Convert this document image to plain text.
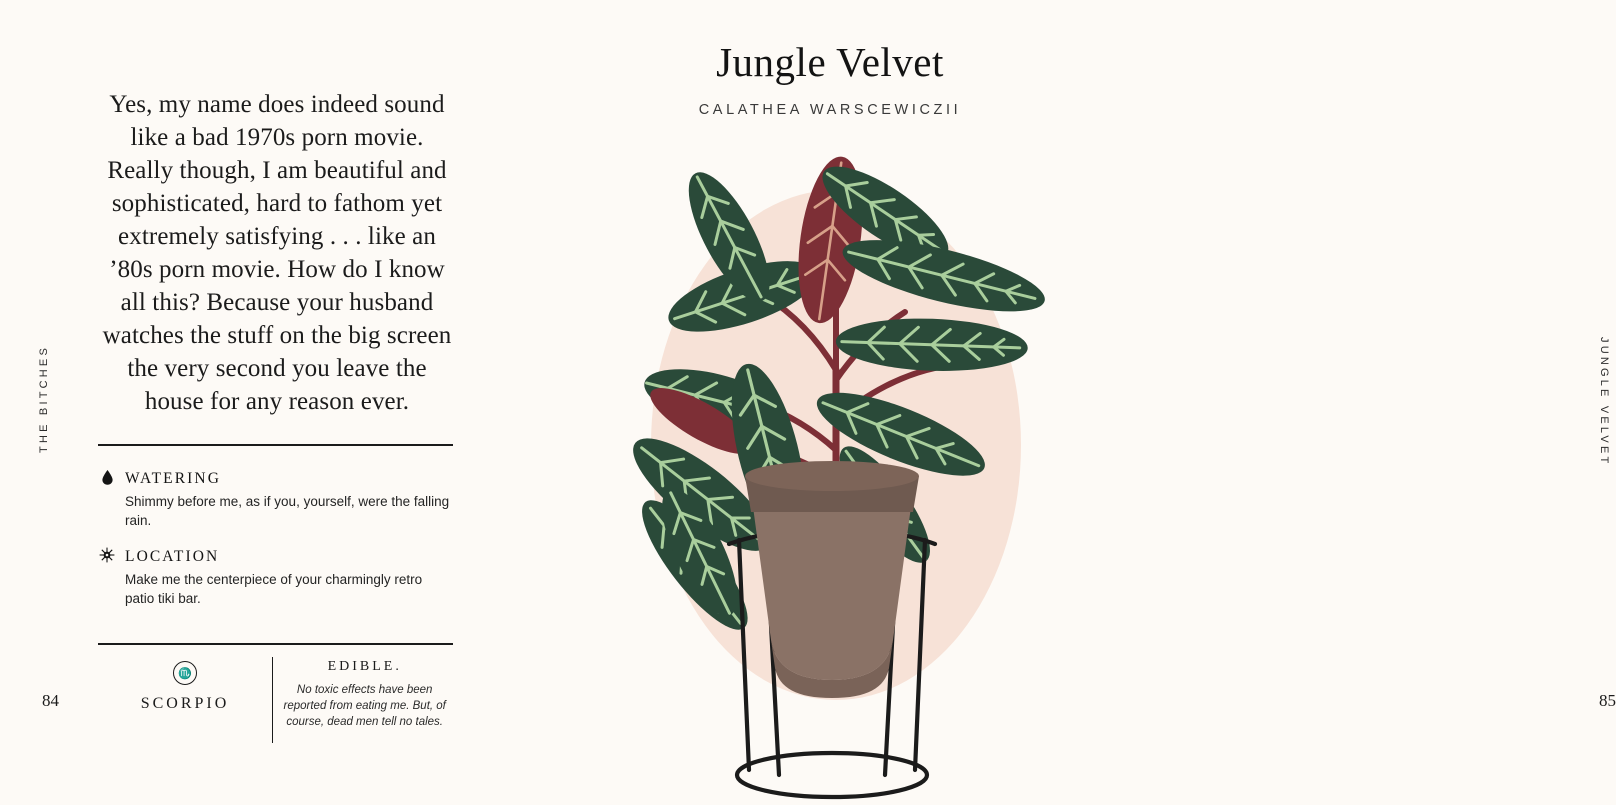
THE BITCHES
84
Yes, my name does indeed sound like a bad 1970s porn movie. Really though, I am beautiful and sophisticated, hard to fathom yet extremely satisfying . . . like an ’80s porn movie. How do I know all this? Because your husband watches the stuff on the big screen the very second you leave the house for any reason ever.
WATERING
Shimmy before me, as if you, yourself, were the falling rain.
LOCATION
Make me the centerpiece of your charmingly retro patio tiki bar.
♏
SCORPIO
EDIBLE.
No toxic effects have been reported from eating me. But, of course, dead men tell no tales.
Jungle Velvet
CALATHEA WARSCEWICZII
JUNGLE VELVET
85
